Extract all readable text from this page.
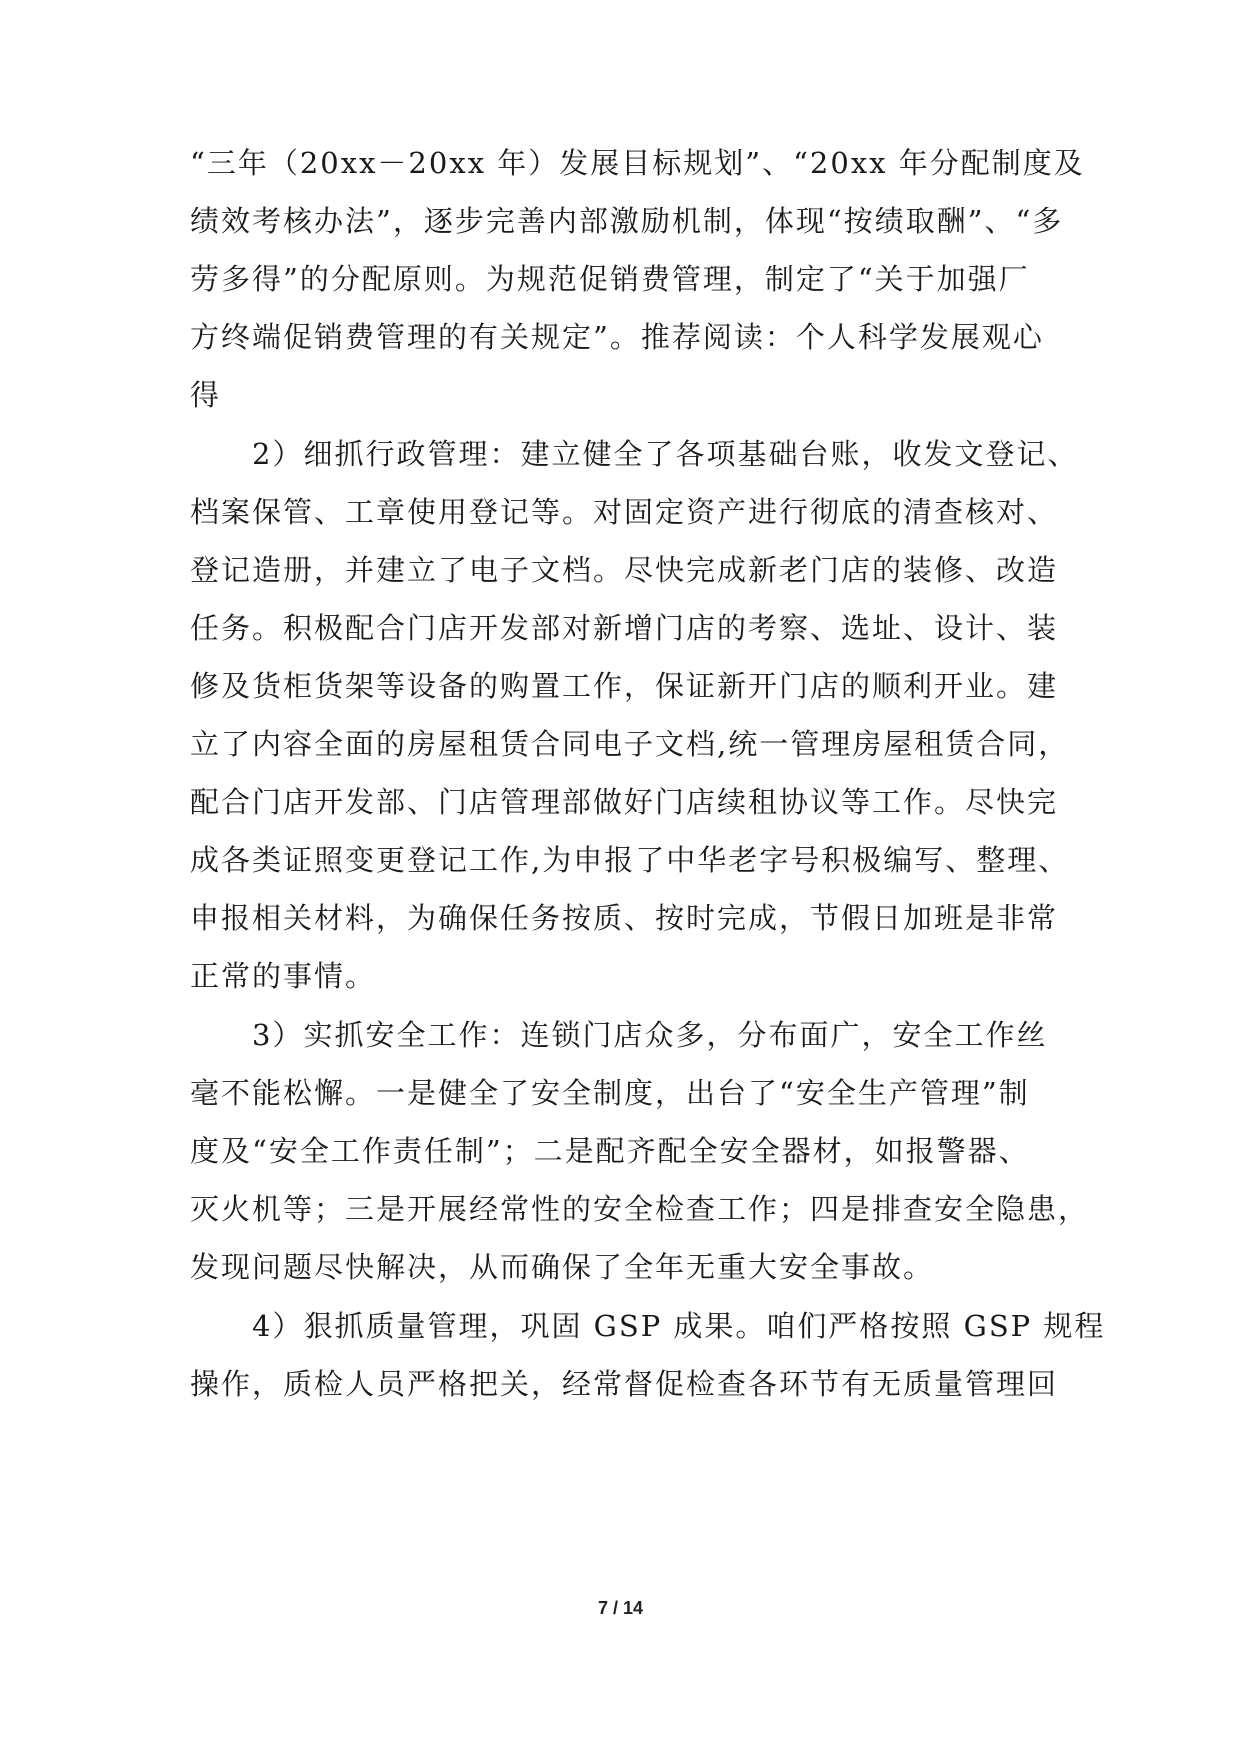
“三年（20xx－20xx 年）发展目标规划”、“20xx 年分配制度及
绩效考核办法”，逐步完善内部激励机制，体现“按绩取酬”、“多
劳多得”的分配原则。为规范促销费管理，制定了“关于加强厂
方终端促销费管理的有关规定”。推荐阅读：个人科学发展观心
得
　　2）细抓行政管理：建立健全了各项基础台账，收发文登记、
档案保管、工章使用登记等。对固定资产进行彻底的清查核对、
登记造册，并建立了电子文档。尽快完成新老门店的装修、改造
任务。积极配合门店开发部对新增门店的考察、选址、设计、装
修及货柜货架等设备的购置工作，保证新开门店的顺利开业。建
立了内容全面的房屋租赁合同电子文档,统一管理房屋租赁合同，
配合门店开发部、门店管理部做好门店续租协议等工作。尽快完
成各类证照变更登记工作,为申报了中华老字号积极编写、整理、
申报相关材料，为确保任务按质、按时完成，节假日加班是非常
正常的事情。
　　3）实抓安全工作：连锁门店众多，分布面广，安全工作丝
毫不能松懈。一是健全了安全制度，出台了“安全生产管理”制
度及“安全工作责任制”；二是配齐配全安全器材，如报警器、
灭火机等；三是开展经常性的安全检查工作；四是排查安全隐患，
发现问题尽快解决，从而确保了全年无重大安全事故。
　　4）狠抓质量管理，巩固 GSP 成果。咱们严格按照 GSP 规程
操作，质检人员严格把关，经常督促检查各环节有无质量管理回
7 / 14
